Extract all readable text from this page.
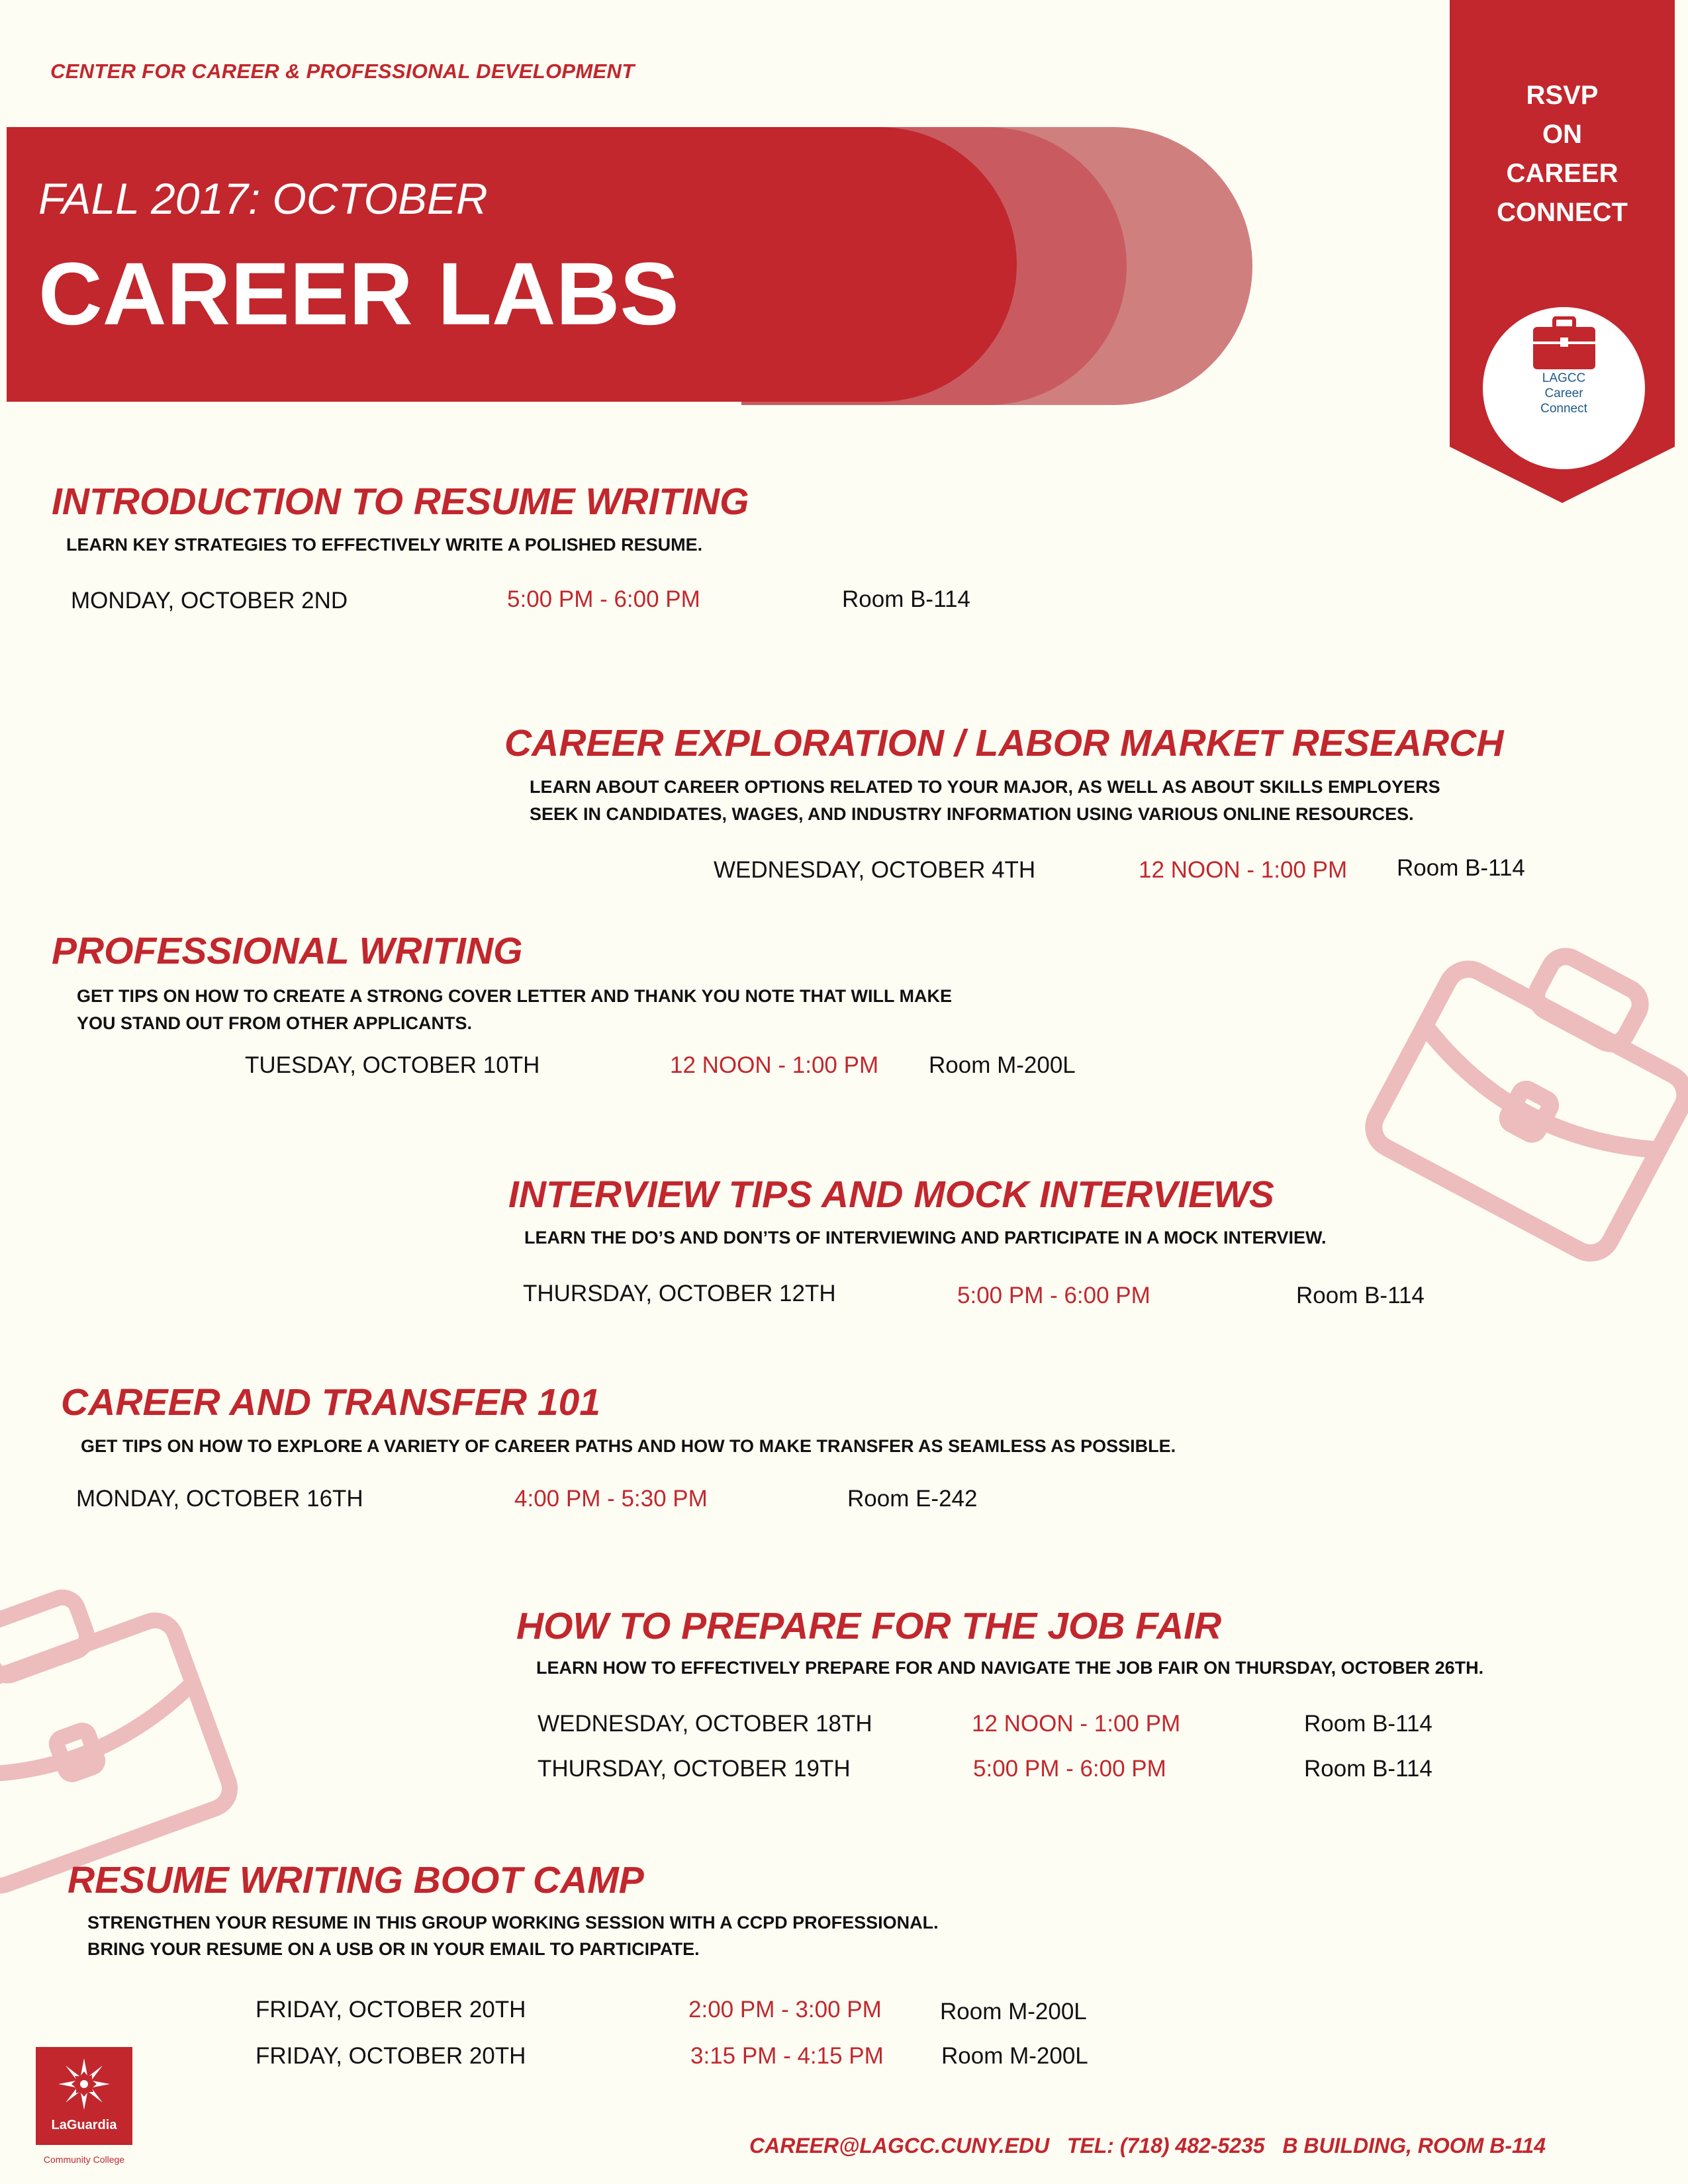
CENTER FOR CAREER & PROFESSIONAL DEVELOPMENT
FALL 2017: OCTOBER
CAREER LABS
RSVP
ON
CAREER
CONNECT
LAGCC
Career
Connect
INTRODUCTION TO RESUME WRITING
LEARN KEY STRATEGIES TO EFFECTIVELY WRITE A POLISHED RESUME.
MONDAY, OCTOBER 2ND	5:00 PM - 6:00 PM	Room B-114
CAREER EXPLORATION / LABOR MARKET RESEARCH
LEARN ABOUT CAREER OPTIONS RELATED TO YOUR MAJOR, AS WELL AS ABOUT SKILLS EMPLOYERS
SEEK IN CANDIDATES, WAGES, AND INDUSTRY INFORMATION USING VARIOUS ONLINE RESOURCES.
WEDNESDAY, OCTOBER 4TH	12 NOON - 1:00 PM Room B-114
PROFESSIONAL WRITING
GET TIPS ON HOW TO CREATE A STRONG COVER LETTER AND THANK YOU NOTE THAT WILL MAKE
YOU STAND OUT FROM OTHER APPLICANTS.
TUESDAY, OCTOBER 10TH	12 NOON - 1:00 PM Room M-200L
INTERVIEW TIPS AND MOCK INTERVIEWS
LEARN THE DO’S AND DON’TS OF INTERVIEWING AND PARTICIPATE IN A MOCK INTERVIEW.
THURSDAY, OCTOBER 12TH	5:00 PM - 6:00 PM	Room B-114
CAREER AND TRANSFER 101
GET TIPS ON HOW TO EXPLORE A VARIETY OF CAREER PATHS AND HOW TO MAKE TRANSFER AS SEAMLESS AS POSSIBLE.
MONDAY, OCTOBER 16TH	4:00 PM - 5:30 PM	Room E-242
HOW TO PREPARE FOR THE JOB FAIR
LEARN HOW TO EFFECTIVELY PREPARE FOR AND NAVIGATE THE JOB FAIR ON THURSDAY, OCTOBER 26TH.
WEDNESDAY, OCTOBER 18TH	12 NOON - 1:00 PM	Room B-114
THURSDAY, OCTOBER 19TH	5:00 PM - 6:00 PM	Room B-114
RESUME WRITING BOOT CAMP
STRENGTHEN YOUR RESUME IN THIS GROUP WORKING SESSION WITH A CCPD PROFESSIONAL.
BRING YOUR RESUME ON A USB OR IN YOUR EMAIL TO PARTICIPATE.
FRIDAY, OCTOBER 20TH	2:00 PM - 3:00 PM	Room M-200L
FRIDAY, OCTOBER 20TH	3:15 PM - 4:15 PM Room M-200L
LaGuardia
Community College
CAREER@LAGCC.CUNY.EDU   TEL: (718) 482-5235   B BUILDING, ROOM B-114
